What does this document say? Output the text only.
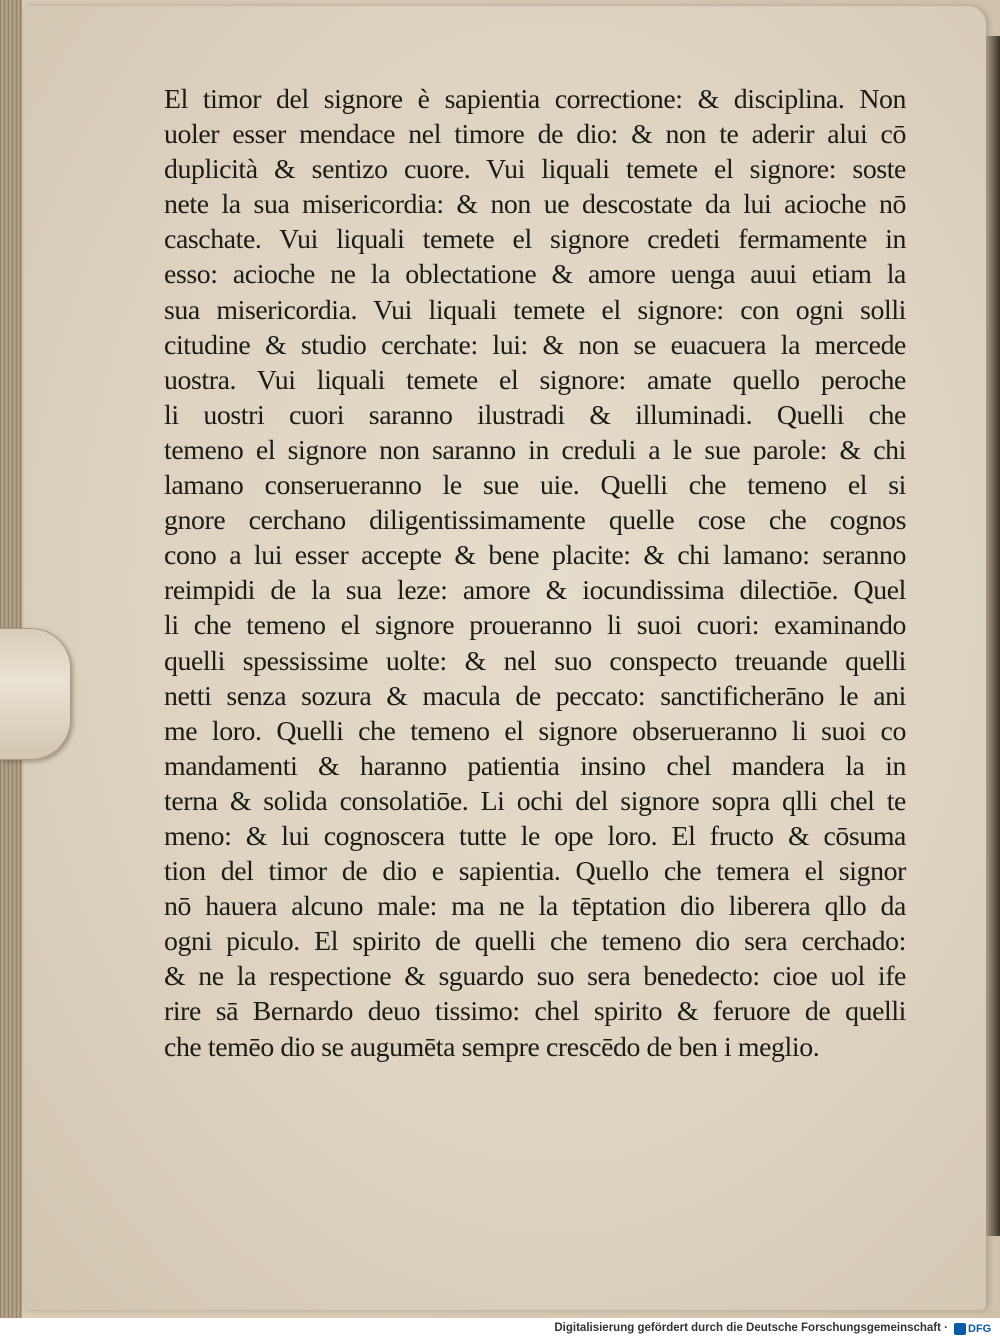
El timor del signore è sapientia correctione: & disciplina. Non
uoler esser mendace nel timore de dio: & non te aderir alui cō
duplicità & sentizo cuore. Vui liquali temete el signore: soste
nete la sua misericordia: & non ue descostate da lui acioche nō
caschate. Vui liquali temete el signore credeti fermamente in
esso: acioche ne la oblectatione & amore uenga auui etiam la
sua misericordia. Vui liquali temete el signore: con ogni solli
citudine & studio cerchate: lui: & non se euacuera la mercede
uostra. Vui liquali temete el signore: amate quello peroche
li uostri cuori saranno ilustradi & illuminadi. Quelli che
temeno el signore non saranno in creduli a le sue parole: & chi
lamano conserueranno le sue uie. Quelli che temeno el si
gnore cerchano diligentissimamente quelle cose che cognos
cono a lui esser accepte & bene placite: & chi lamano: seranno
reimpidi de la sua leze: amore & iocundissima dilectiōe. Quel
li che temeno el signore proueranno li suoi cuori: examinando
quelli spessissime uolte: & nel suo conspecto treuande quelli
netti senza sozura & macula de peccato: sanctificherāno le ani
me loro. Quelli che temeno el signore obserueranno li suoi co
mandamenti & haranno patientia insino chel mandera la in
terna & solida consolatiōe. Li ochi del signore sopra qlli chel te
meno: & lui cognoscera tutte le ope loro. El fructo & cōsuma
tion del timor de dio e sapientia. Quello che temera el signor
nō hauera alcuno male: ma ne la tēptation dio liberera qllo da
ogni piculo. El spirito de quelli che temeno dio sera cerchado:
& ne la respectione & sguardo suo sera benedecto: cioe uol ife
rire sā Bernardo deuo tissimo: chel spirito & feruore de quelli
che temēo dio se augumēta sempre crescēdo de ben i meglio.

Digitalisierung gefördert durch die Deutsche Forschungsgemeinschaft · DFG
